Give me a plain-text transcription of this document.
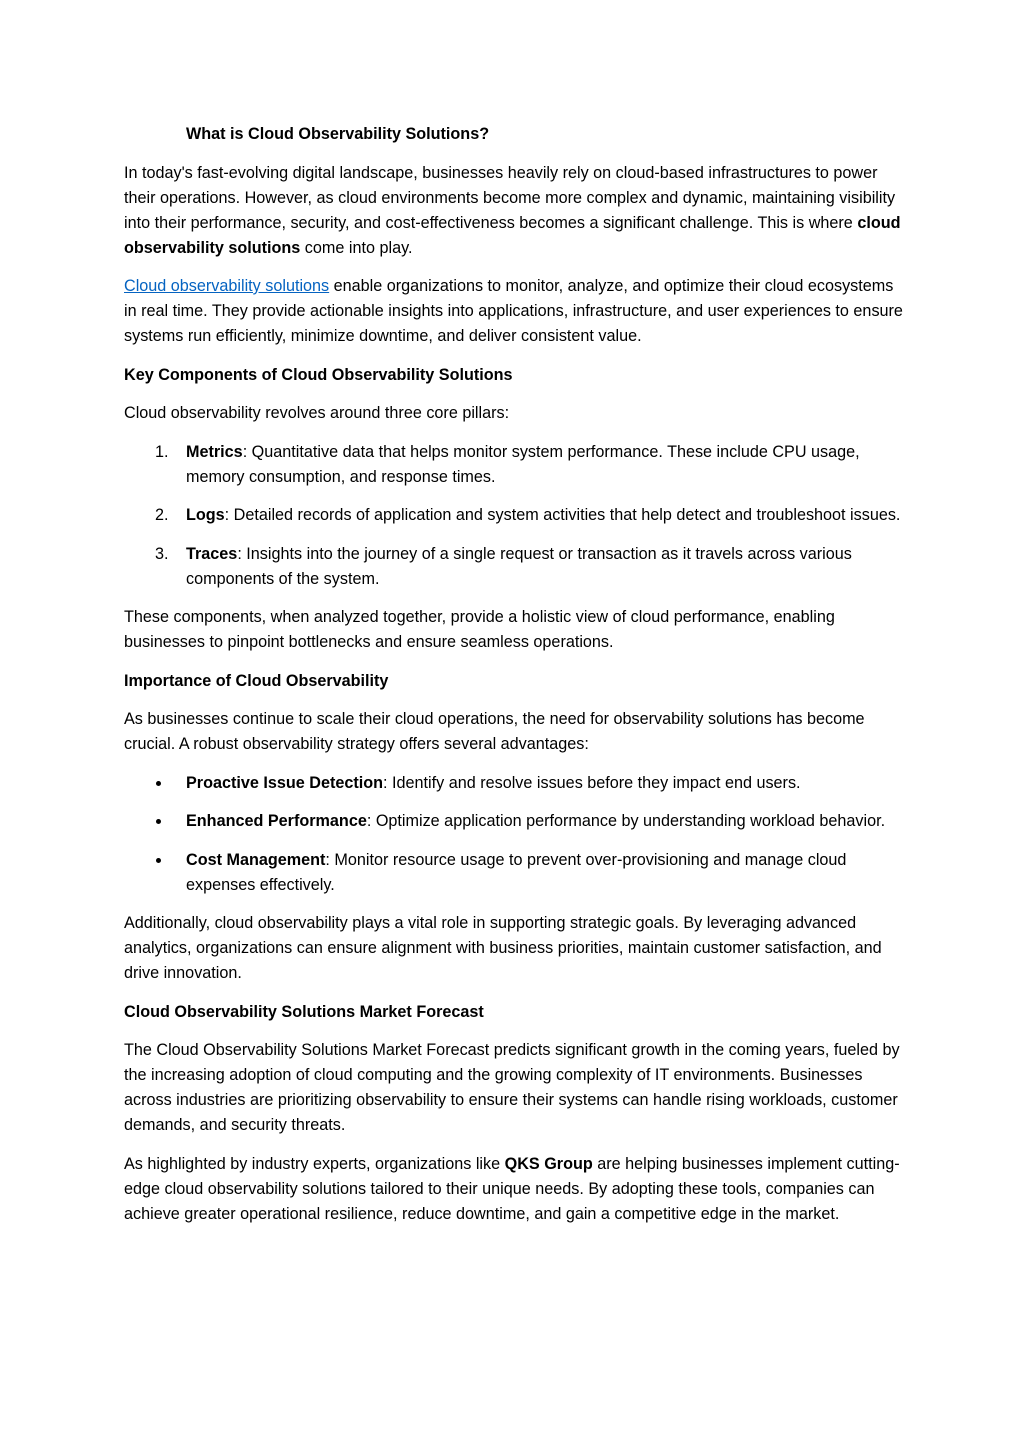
What is Cloud Observability Solutions?

In today's fast-evolving digital landscape, businesses heavily rely on cloud-based infrastructures to power their operations. However, as cloud environments become more complex and dynamic, maintaining visibility into their performance, security, and cost-effectiveness becomes a significant challenge. This is where cloud observability solutions come into play.

Cloud observability solutions enable organizations to monitor, analyze, and optimize their cloud ecosystems in real time. They provide actionable insights into applications, infrastructure, and user experiences to ensure systems run efficiently, minimize downtime, and deliver consistent value.

Key Components of Cloud Observability Solutions

Cloud observability revolves around three core pillars:

1. Metrics: Quantitative data that helps monitor system performance. These include CPU usage, memory consumption, and response times.
2. Logs: Detailed records of application and system activities that help detect and troubleshoot issues.
3. Traces: Insights into the journey of a single request or transaction as it travels across various components of the system.

These components, when analyzed together, provide a holistic view of cloud performance, enabling businesses to pinpoint bottlenecks and ensure seamless operations.

Importance of Cloud Observability

As businesses continue to scale their cloud operations, the need for observability solutions has become crucial. A robust observability strategy offers several advantages:

Proactive Issue Detection: Identify and resolve issues before they impact end users.
Enhanced Performance: Optimize application performance by understanding workload behavior.
Cost Management: Monitor resource usage to prevent over-provisioning and manage cloud expenses effectively.

Additionally, cloud observability plays a vital role in supporting strategic goals. By leveraging advanced analytics, organizations can ensure alignment with business priorities, maintain customer satisfaction, and drive innovation.

Cloud Observability Solutions Market Forecast

The Cloud Observability Solutions Market Forecast predicts significant growth in the coming years, fueled by the increasing adoption of cloud computing and the growing complexity of IT environments. Businesses across industries are prioritizing observability to ensure their systems can handle rising workloads, customer demands, and security threats.

As highlighted by industry experts, organizations like QKS Group are helping businesses implement cutting-edge cloud observability solutions tailored to their unique needs. By adopting these tools, companies can achieve greater operational resilience, reduce downtime, and gain a competitive edge in the market.
